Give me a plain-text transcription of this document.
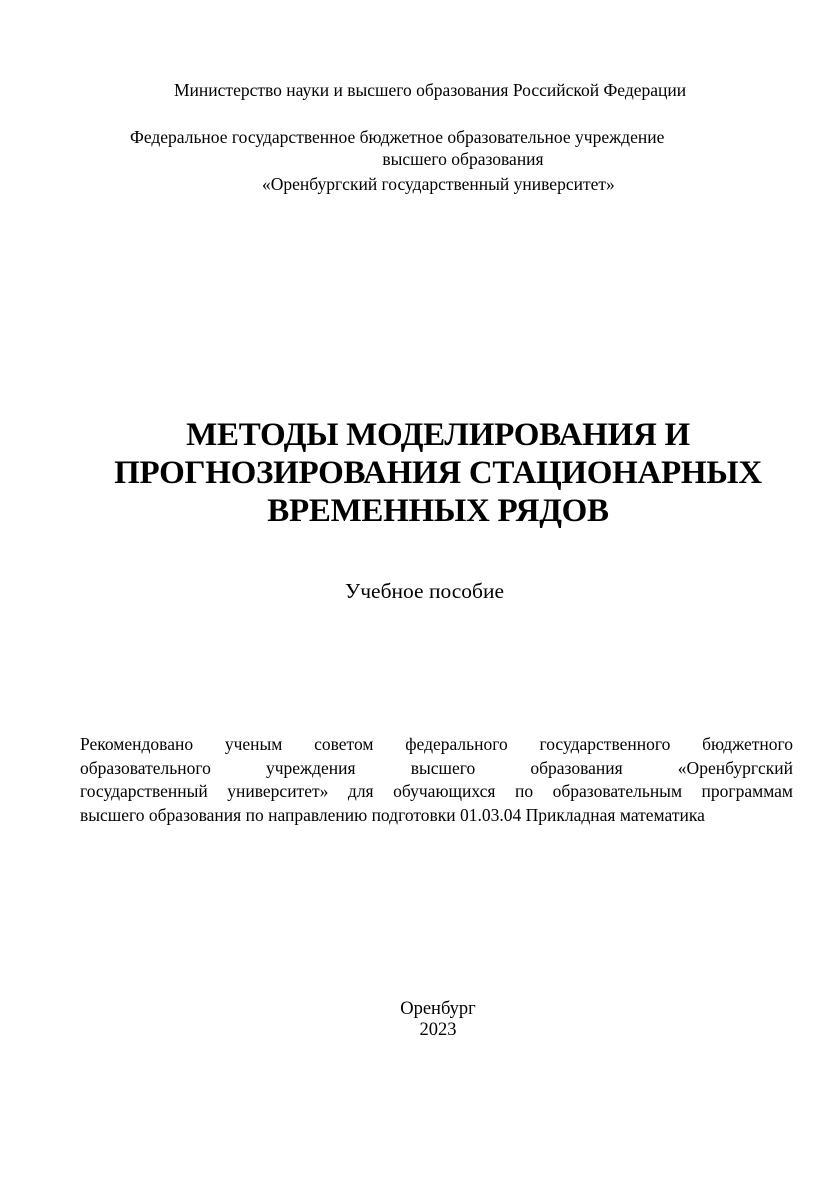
Министерство науки и высшего образования Российской Федерации
Федеральное государственное бюджетное образовательное учреждение
высшего образования
«Оренбургский государственный университет»
МЕТОДЫ МОДЕЛИРОВАНИЯ И
ПРОГНОЗИРОВАНИЯ СТАЦИОНАРНЫХ
ВРЕМЕННЫХ РЯДОВ
Учебное пособие
Рекомендовано ученым советом федерального государственного бюджетного
образовательного учреждения высшего образования «Оренбургский
государственный университет» для обучающихся по образовательным программам
высшего образования по направлению подготовки 01.03.04 Прикладная математика
Оренбург
2023
